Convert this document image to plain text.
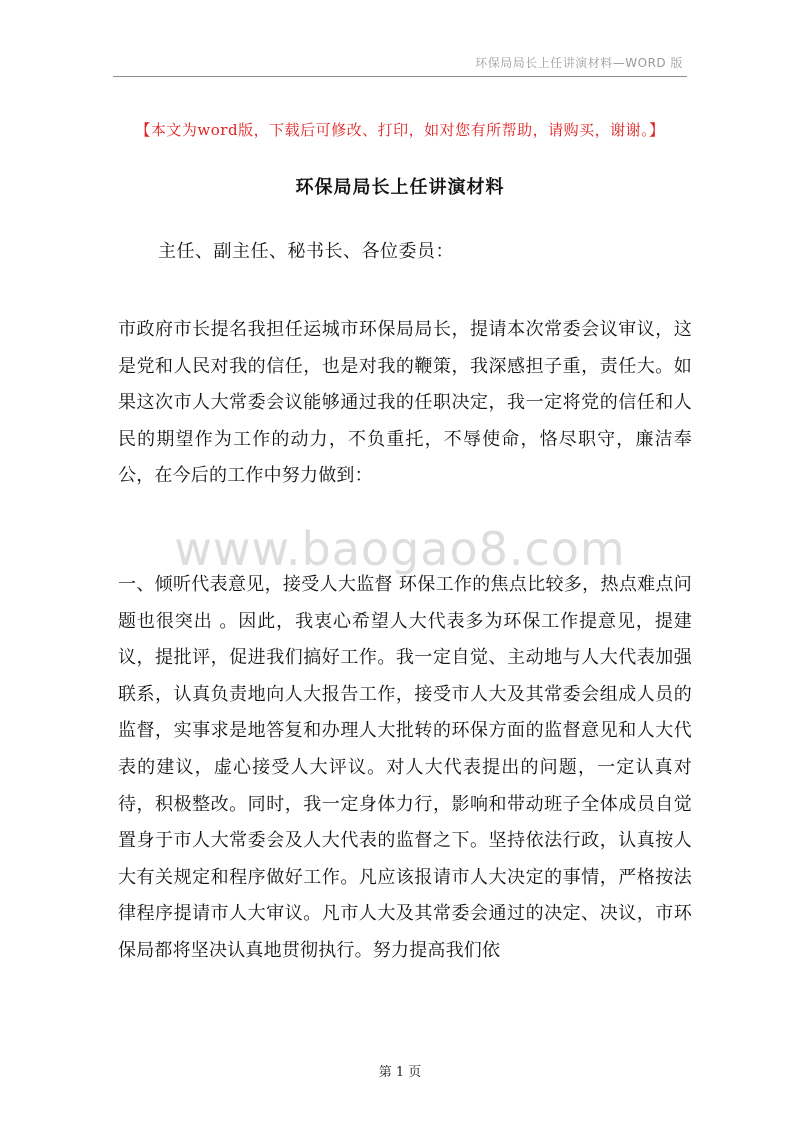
环保局局长上任讲演材料—WORD 版
【本文为word版，下载后可修改、打印，如对您有所帮助，请购买，谢谢。】
环保局局长上任讲演材料
主任、副主任、秘书长、各位委员：

市政府市长提名我担任运城市环保局局长，提请本次常委会议审议，这是党和人民对我的信任，也是对我的鞭策，我深感担子重，责任大。如果这次市人大常委会议能够通过我的任职决定，我一定将党的信任和人民的期望作为工作的动力，不负重托，不辱使命，恪尽职守，廉洁奉公，在今后的工作中努力做到：

一、倾听代表意见，接受人大监督 环保工作的焦点比较多，热点难点问题也很突出 。因此，我衷心希望人大代表多为环保工作提意见，提建议，提批评，促进我们搞好工作。我一定自觉、主动地与人大代表加强联系，认真负责地向人大报告工作，接受市人大及其常委会组成人员的监督，实事求是地答复和办理人大批转的环保方面的监督意见和人大代表的建议，虚心接受人大评议。对人大代表提出的问题，一定认真对待，积极整改。同时，我一定身体力行，影响和带动班子全体成员自觉置身于市人大常委会及人大代表的监督之下。坚持依法行政，认真按人大有关规定和程序做好工作。凡应该报请市人大决定的事情，严格按法律程序提请市人大审议。凡市人大及其常委会通过的决定、决议，市环保局都将坚决认真地贯彻执行。努力提高我们依

www.baogao8.com
第 1 页
